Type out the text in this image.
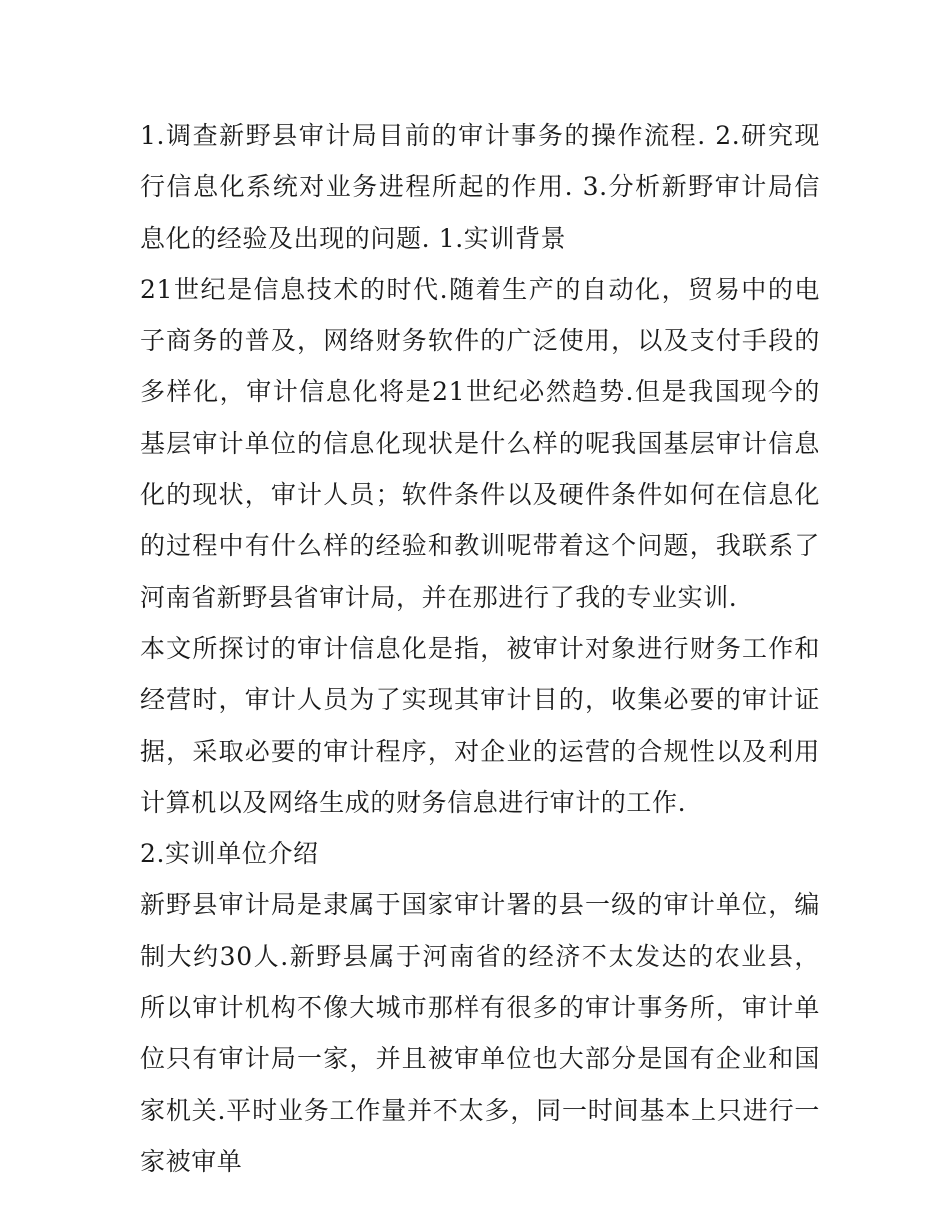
1.调查新野县审计局目前的审计事务的操作流程. 2.研究现行信息化系统对业务进程所起的作用. 3.分析新野审计局信息化的经验及出现的问题. 1.实训背景

21世纪是信息技术的时代.随着生产的自动化，贸易中的电子商务的普及，网络财务软件的广泛使用，以及支付手段的多样化，审计信息化将是21世纪必然趋势.但是我国现今的基层审计单位的信息化现状是什么样的呢我国基层审计信息化的现状，审计人员；软件条件以及硬件条件如何在信息化的过程中有什么样的经验和教训呢带着这个问题，我联系了河南省新野县省审计局，并在那进行了我的专业实训.

本文所探讨的审计信息化是指，被审计对象进行财务工作和经营时，审计人员为了实现其审计目的，收集必要的审计证据，采取必要的审计程序，对企业的运营的合规性以及利用计算机以及网络生成的财务信息进行审计的工作.

2.实训单位介绍

新野县审计局是隶属于国家审计署的县一级的审计单位，编制大约30人.新野县属于河南省的经济不太发达的农业县，所以审计机构不像大城市那样有很多的审计事务所，审计单位只有审计局一家，并且被审单位也大部分是国有企业和国家机关.平时业务工作量并不太多，同一时间基本上只进行一家被审单
